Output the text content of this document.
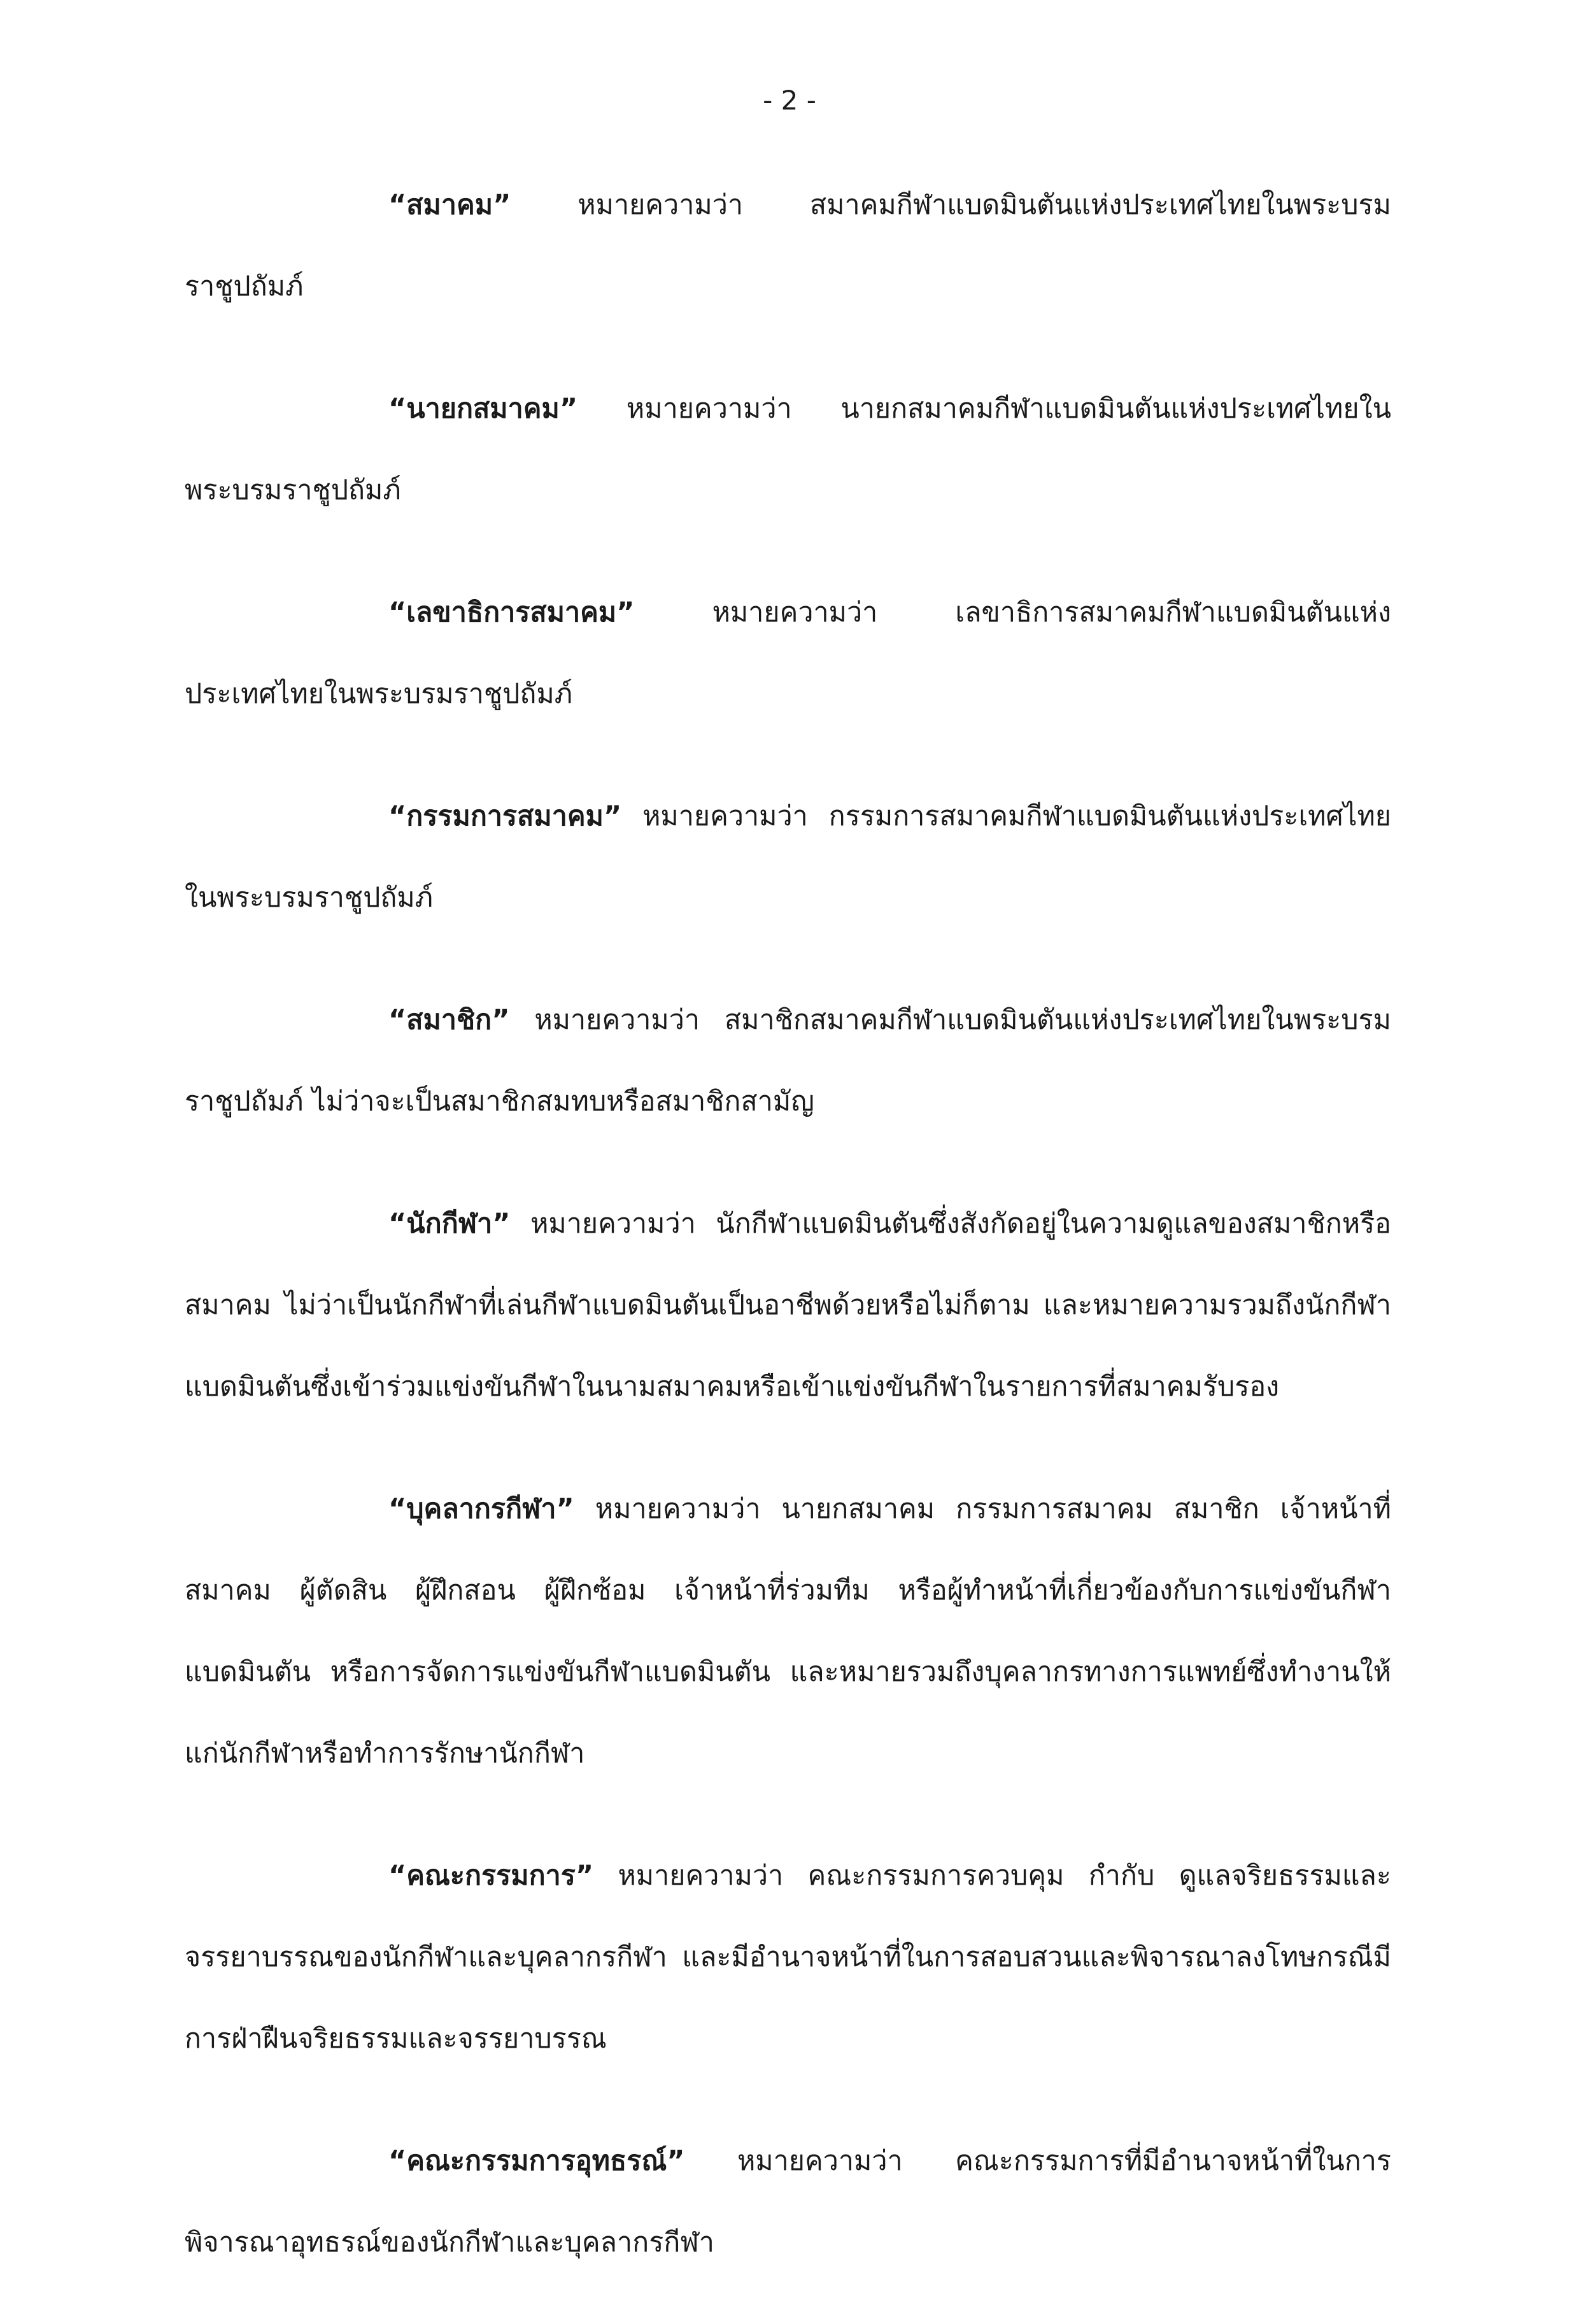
- 2 -

“สมาคม” หมายความว่า สมาคมกีฬาแบดมินตันแห่งประเทศไทยในพระบรมราชูปถัมภ์

“นายกสมาคม” หมายความว่า นายกสมาคมกีฬาแบดมินตันแห่งประเทศไทยในพระบรมราชูปถัมภ์

“เลขาธิการสมาคม” หมายความว่า เลขาธิการสมาคมกีฬาแบดมินตันแห่งประเทศไทยในพระบรมราชูปถัมภ์

“กรรมการสมาคม” หมายความว่า กรรมการสมาคมกีฬาแบดมินตันแห่งประเทศไทยในพระบรมราชูปถัมภ์

“สมาชิก” หมายความว่า สมาชิกสมาคมกีฬาแบดมินตันแห่งประเทศไทยในพระบรมราชูปถัมภ์ ไม่ว่าจะเป็นสมาชิกสมทบหรือสมาชิกสามัญ

“นักกีฬา” หมายความว่า นักกีฬาแบดมินตันซึ่งสังกัดอยู่ในความดูแลของสมาชิกหรือสมาคม ไม่ว่าเป็นนักกีฬาที่เล่นกีฬาแบดมินตันเป็นอาชีพด้วยหรือไม่ก็ตาม และหมายความรวมถึงนักกีฬาแบดมินตันซึ่งเข้าร่วมแข่งขันกีฬาในนามสมาคมหรือเข้าแข่งขันกีฬาในรายการที่สมาคมรับรอง

“บุคลากรกีฬา” หมายความว่า นายกสมาคม กรรมการสมาคม สมาชิก เจ้าหน้าที่สมาคม ผู้ตัดสิน ผู้ฝึกสอน ผู้ฝึกซ้อม เจ้าหน้าที่ร่วมทีม หรือผู้ทำหน้าที่เกี่ยวข้องกับการแข่งขันกีฬาแบดมินตัน หรือการจัดการแข่งขันกีฬาแบดมินตัน และหมายรวมถึงบุคลากรทางการแพทย์ซึ่งทำงานให้แก่นักกีฬาหรือทำการรักษานักกีฬา

“คณะกรรมการ” หมายความว่า คณะกรรมการควบคุม กำกับ ดูแลจริยธรรมและจรรยาบรรณของนักกีฬาและบุคลากรกีฬา และมีอำนาจหน้าที่ในการสอบสวนและพิจารณาลงโทษกรณีมีการฝ่าฝืนจริยธรรมและจรรยาบรรณ

“คณะกรรมการอุทธรณ์” หมายความว่า คณะกรรมการที่มีอำนาจหน้าที่ในการพิจารณาอุทธรณ์ของนักกีฬาและบุคลากรกีฬา
